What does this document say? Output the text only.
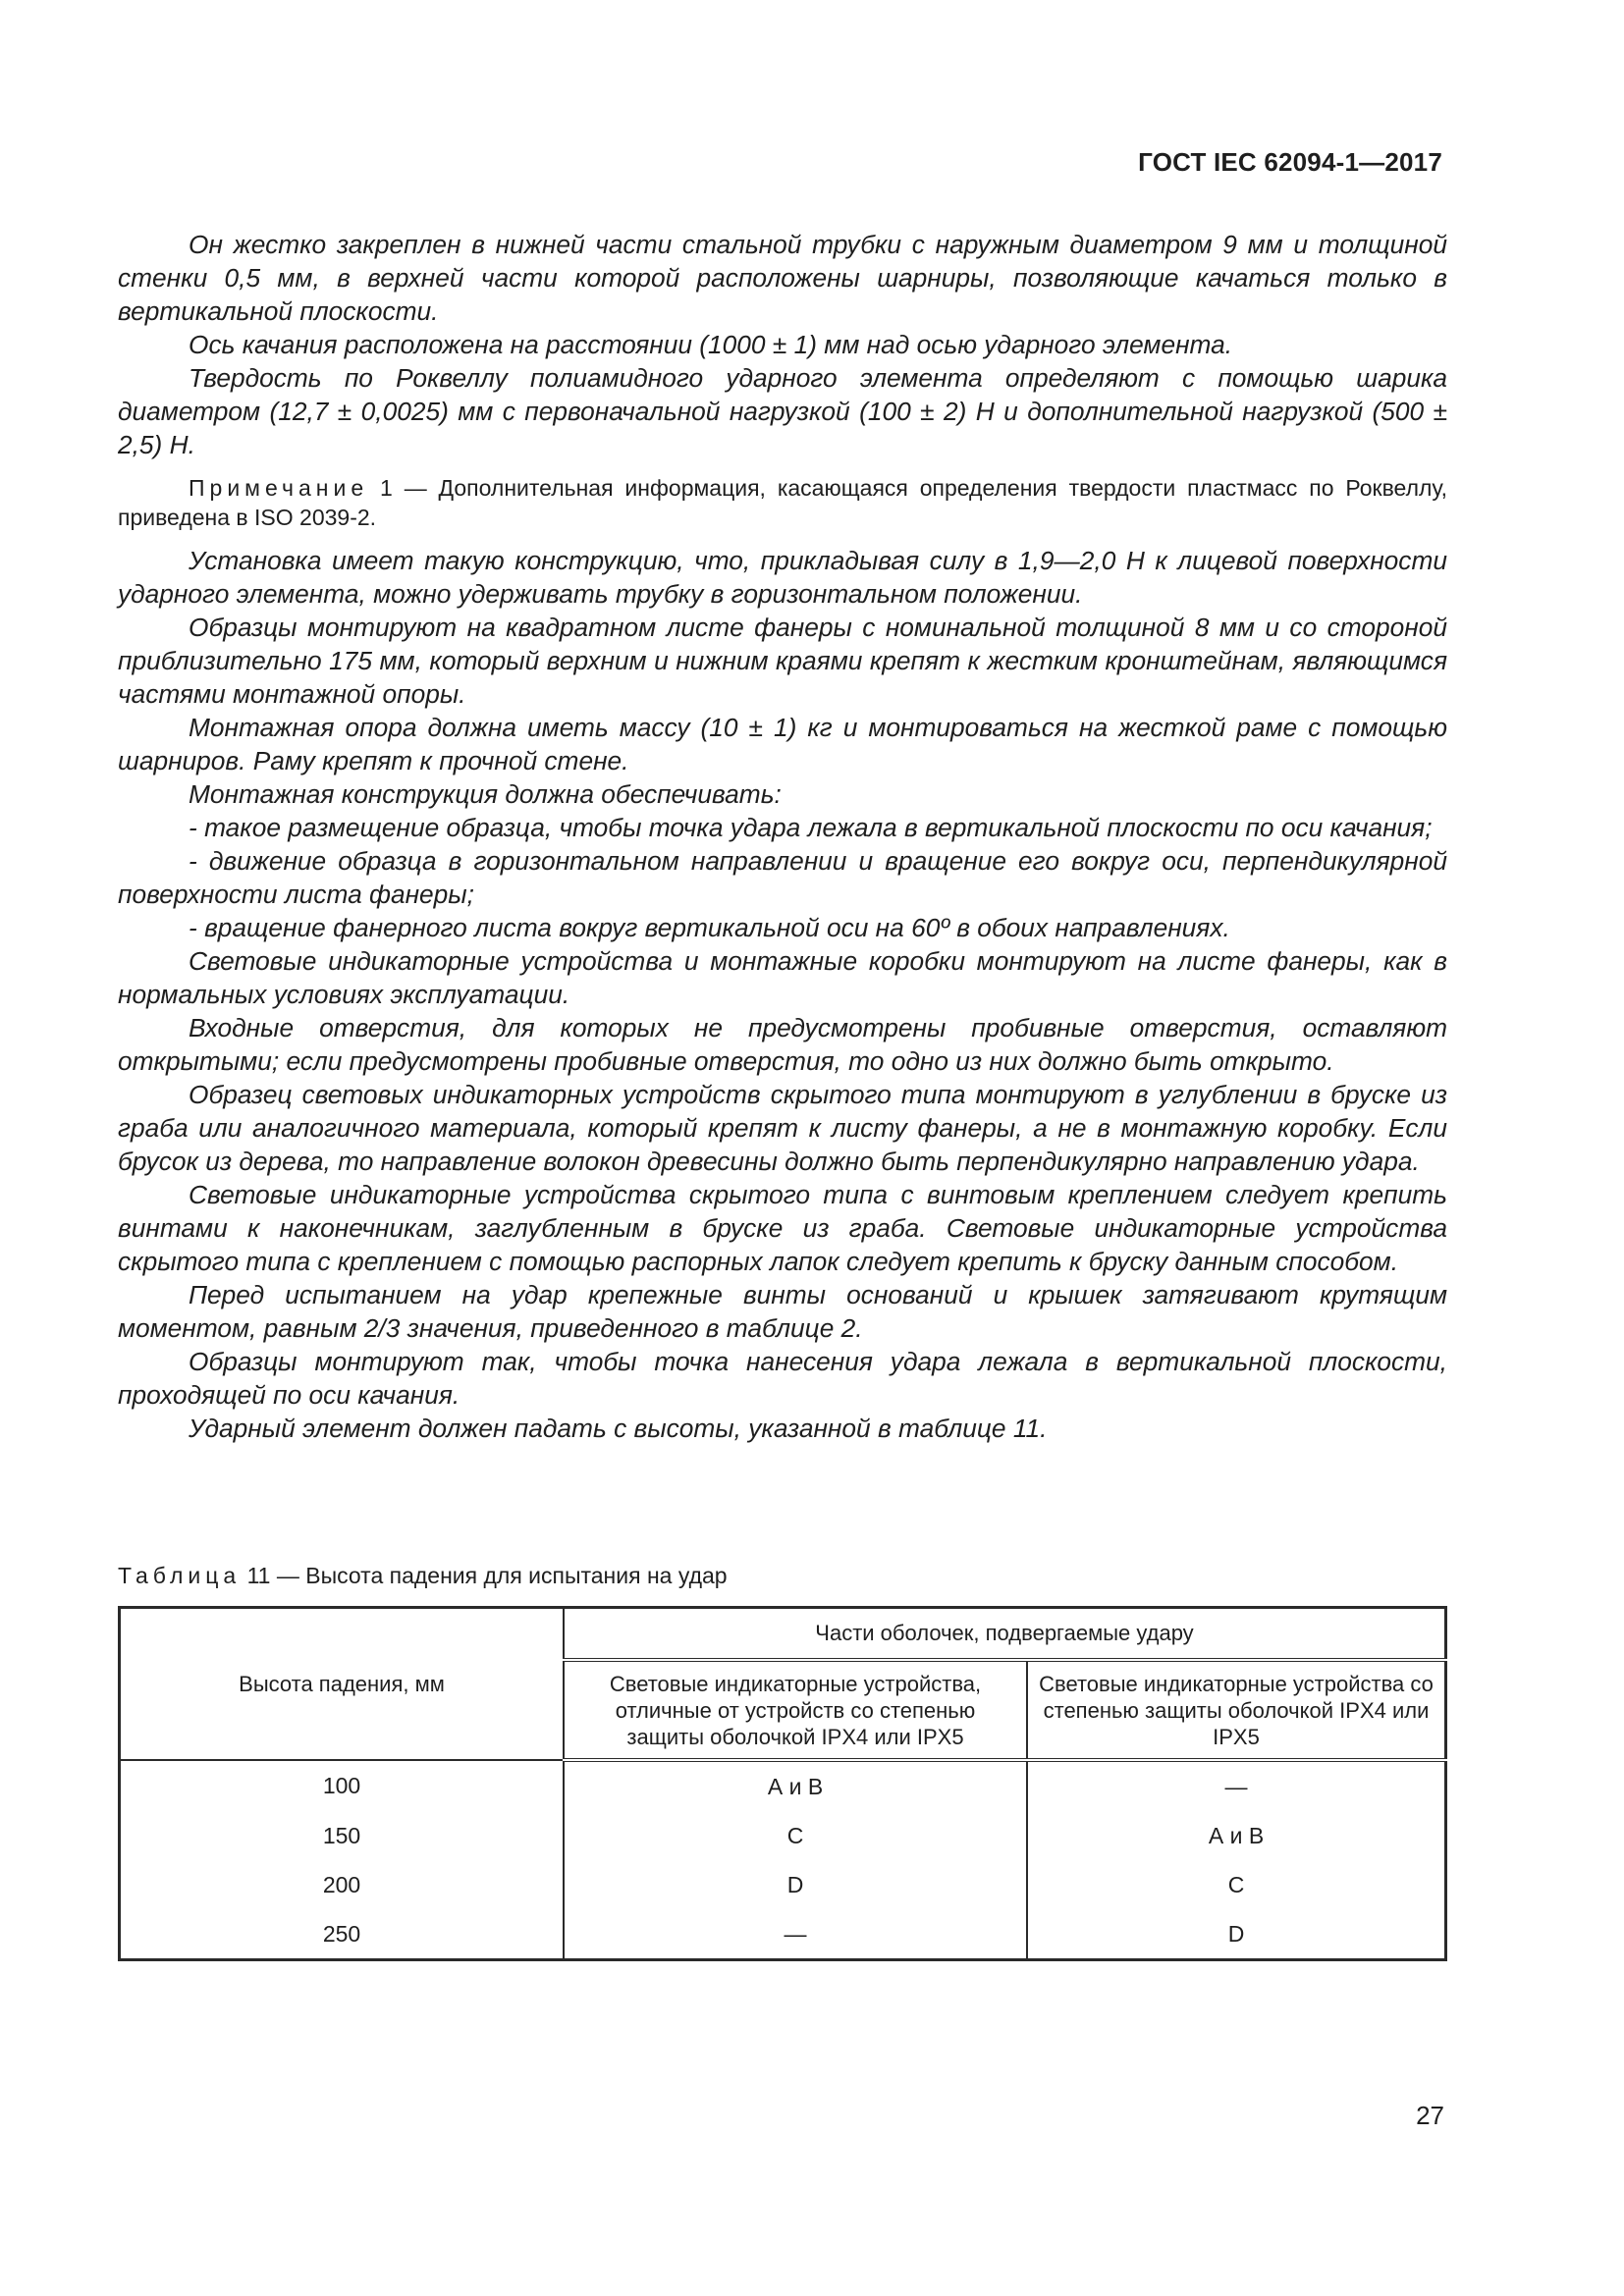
ГОСТ IEC 62094-1—2017

Он жестко закреплен в нижней части стальной трубки с наружным диаметром 9 мм и толщиной стенки 0,5 мм, в верхней части которой расположены шарниры, позволяющие качаться только в вертикальной плоскости.

Ось качания расположена на расстоянии (1000 ± 1) мм над осью ударного элемента.

Твердость по Роквеллу полиамидного ударного элемента определяют с помощью шарика диаметром (12,7 ± 0,0025) мм с первоначальной нагрузкой (100 ± 2) Н и дополнительной нагрузкой (500 ± 2,5) Н.

Примечание 1 — Дополнительная информация, касающаяся определения твердости пластмасс по Роквеллу, приведена в ISO 2039-2.

Установка имеет такую конструкцию, что, прикладывая силу в 1,9—2,0 Н к лицевой поверхности ударного элемента, можно удерживать трубку в горизонтальном положении.

Образцы монтируют на квадратном листе фанеры с номинальной толщиной 8 мм и со стороной приблизительно 175 мм, который верхним и нижним краями крепят к жестким кронштейнам, являющимся частями монтажной опоры.

Монтажная опора должна иметь массу (10 ± 1) кг и монтироваться на жесткой раме с помощью шарниров. Раму крепят к прочной стене.

Монтажная конструкция должна обеспечивать:

- такое размещение образца, чтобы точка удара лежала в вертикальной плоскости по оси качания;

- движение образца в горизонтальном направлении и вращение его вокруг оси, перпендикулярной поверхности листа фанеры;

- вращение фанерного листа вокруг вертикальной оси на 60º в обоих направлениях.

Световые индикаторные устройства и монтажные коробки монтируют на листе фанеры, как в нормальных условиях эксплуатации.

Входные отверстия, для которых не предусмотрены пробивные отверстия, оставляют открытыми; если предусмотрены пробивные отверстия, то одно из них должно быть открыто.

Образец световых индикаторных устройств скрытого типа монтируют в углублении в бруске из граба или аналогичного материала, который крепят к листу фанеры, а не в монтажную коробку. Если брусок из дерева, то направление волокон древесины должно быть перпендикулярно направлению удара.

Световые индикаторные устройства скрытого типа с винтовым креплением следует крепить винтами к наконечникам, заглубленным в бруске из граба. Световые индикаторные устройства скрытого типа с креплением с помощью распорных лапок следует крепить к бруску данным способом.

Перед испытанием на удар крепежные винты оснований и крышек затягивают крутящим моментом, равным 2/3 значения, приведенного в таблице 2.

Образцы монтируют так, чтобы точка нанесения удара лежала в вертикальной плоскости, проходящей по оси качания.

Ударный элемент должен падать с высоты, указанной в таблице 11.

Таблица 11 — Высота падения для испытания на удар
Высота падения, мм	Части оболочек, подвергаемые удару	
	Световые индикаторные устройства, отличные от устройств со степенью защиты оболочкой IPX4 или IPX5	Световые индикаторные устройства со степенью защиты оболочкой IPX4 или IPX5
100	А и В	—
150	С	А и В
200	D	С
250	—	D
27
